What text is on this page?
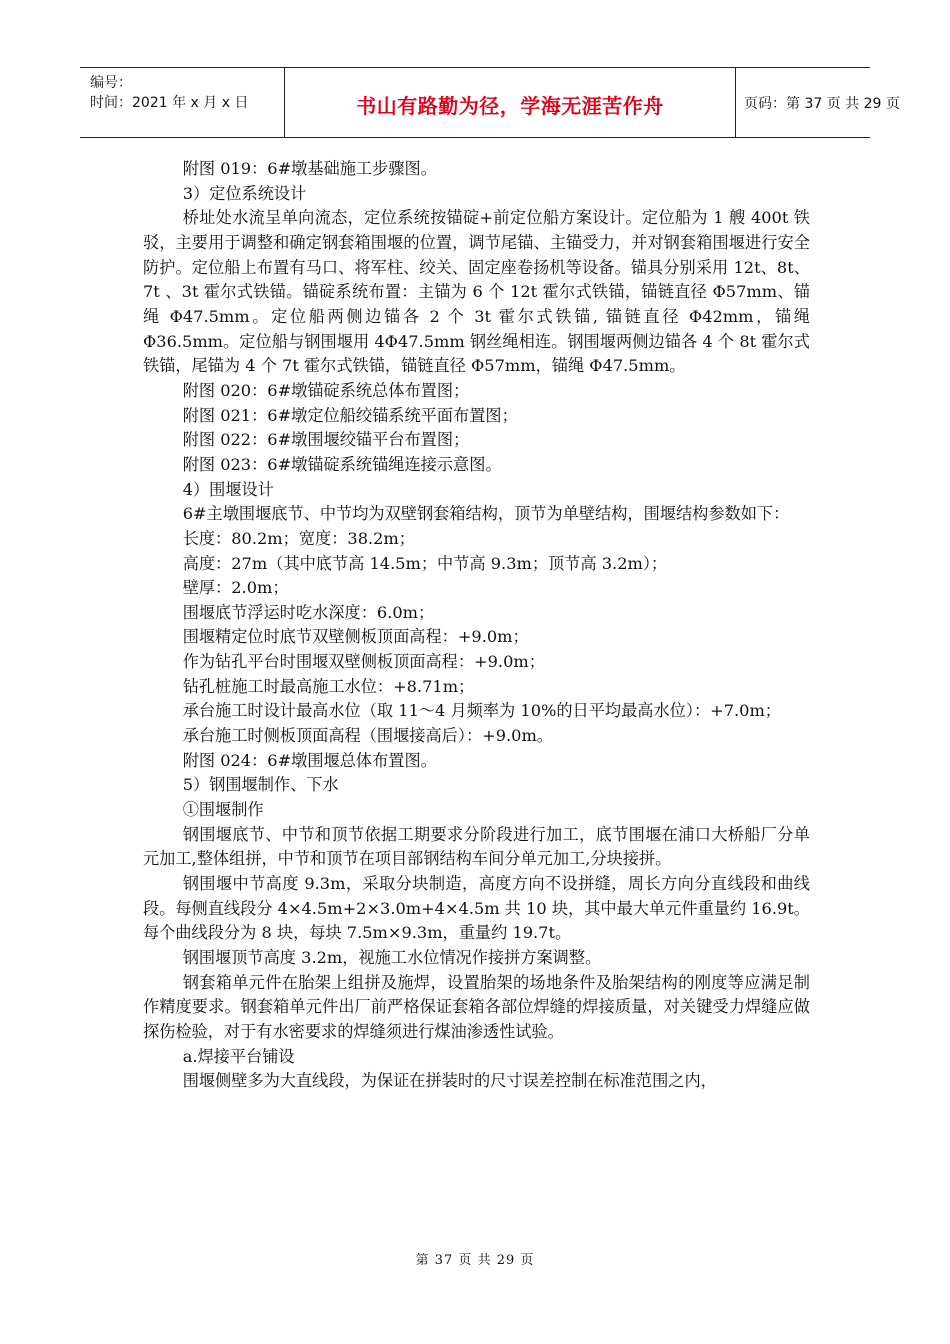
编号：
时间：2021 年 x 月 x 日	书山有路勤为径，学海无涯苦作舟	页码：第 37 页 共 29 页

附图 019：6#墩基础施工步骤图。

3）定位系统设计

桥址处水流呈单向流态，定位系统按锚碇+前定位船方案设计。定位船为 1 艘 400t 铁驳，主要用于调整和确定钢套箱围堰的位置，调节尾锚、主锚受力，并对钢套箱围堰进行安全防护。定位船上布置有马口、将军柱、绞关、固定座卷扬机等设备。锚具分别采用 12t、8t、7t 、3t 霍尔式铁锚。锚碇系统布置：主锚为 6 个 12t 霍尔式铁锚，锚链直径 Φ57mm、锚绳 Φ47.5mm。定位船两侧边锚各 2 个 3t 霍尔式铁锚, 锚链直径 Φ42mm，锚绳 Φ36.5mm。定位船与钢围堰用 4Φ47.5mm 钢丝绳相连。钢围堰两侧边锚各 4 个 8t 霍尔式铁锚，尾锚为 4 个 7t 霍尔式铁锚，锚链直径 Φ57mm，锚绳 Φ47.5mm。

附图 020：6#墩锚碇系统总体布置图；

附图 021：6#墩定位船绞锚系统平面布置图；

附图 022：6#墩围堰绞锚平台布置图；

附图 023：6#墩锚碇系统锚绳连接示意图。

4）围堰设计

6#主墩围堰底节、中节均为双壁钢套箱结构，顶节为单壁结构，围堰结构参数如下：

长度：80.2m；宽度：38.2m；

高度：27m（其中底节高 14.5m；中节高 9.3m；顶节高 3.2m）；

壁厚：2.0m；

围堰底节浮运时吃水深度：6.0m；

围堰精定位时底节双壁侧板顶面高程：+9.0m；

作为钻孔平台时围堰双壁侧板顶面高程：+9.0m；

钻孔桩施工时最高施工水位：+8.71m；

承台施工时设计最高水位（取 11～4 月频率为 10%的日平均最高水位）：+7.0m；

承台施工时侧板顶面高程（围堰接高后）：+9.0m。

附图 024：6#墩围堰总体布置图。

5）钢围堰制作、下水

①围堰制作

钢围堰底节、中节和顶节依据工期要求分阶段进行加工，底节围堰在浦口大桥船厂分单元加工,整体组拼，中节和顶节在项目部钢结构车间分单元加工,分块接拼。

钢围堰中节高度 9.3m，采取分块制造，高度方向不设拼缝，周长方向分直线段和曲线段。每侧直线段分 4×4.5m+2×3.0m+4×4.5m 共 10 块，其中最大单元件重量约 16.9t。每个曲线段分为 8 块，每块 7.5m×9.3m，重量约 19.7t。

钢围堰顶节高度 3.2m，视施工水位情况作接拼方案调整。

钢套箱单元件在胎架上组拼及施焊，设置胎架的场地条件及胎架结构的刚度等应满足制作精度要求。钢套箱单元件出厂前严格保证套箱各部位焊缝的焊接质量，对关键受力焊缝应做探伤检验，对于有水密要求的焊缝须进行煤油渗透性试验。

a.焊接平台铺设

围堰侧壁多为大直线段，为保证在拼装时的尺寸误差控制在标准范围之内，

第 37 页 共 29 页
